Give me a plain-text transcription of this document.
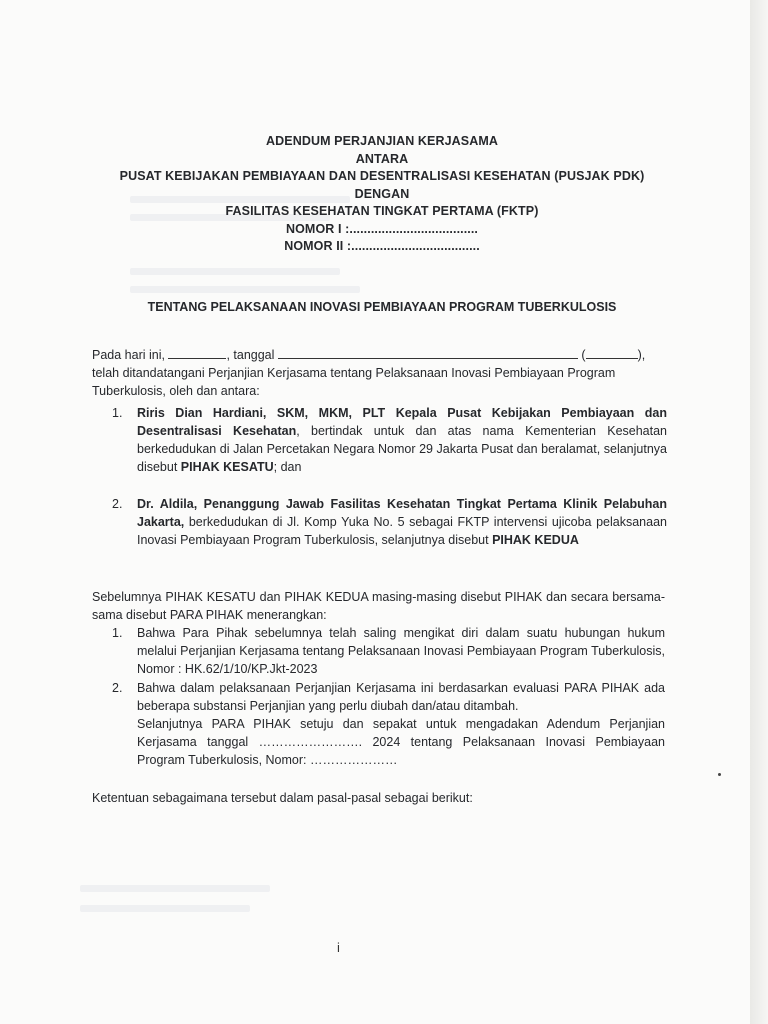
ADENDUM PERJANJIAN KERJASAMA
ANTARA
PUSAT KEBIJAKAN PEMBIAYAAN DAN DESENTRALISASI KESEHATAN (PUSJAK PDK)
DENGAN
FASILITAS KESEHATAN TINGKAT PERTAMA (FKTP)
NOMOR I :....................................
NOMOR II :....................................
TENTANG PELAKSANAAN INOVASI PEMBIAYAAN PROGRAM TUBERKULOSIS
Pada hari ini,	, tanggal	(	),
telah ditandatangani Perjanjian Kerjasama tentang Pelaksanaan Inovasi Pembiayaan Program
Tuberkulosis, oleh dan antara:
1. Riris Dian Hardiani, SKM, MKM, PLT Kepala Pusat Kebijakan Pembiayaan dan Desentralisasi Kesehatan, bertindak untuk dan atas nama Kementerian Kesehatan berkedudukan di Jalan Percetakan Negara Nomor 29 Jakarta Pusat dan beralamat, selanjutnya disebut PIHAK KESATU; dan
2. Dr. Aldila, Penanggung Jawab Fasilitas Kesehatan Tingkat Pertama Klinik Pelabuhan Jakarta, berkedudukan di Jl. Komp Yuka No. 5 sebagai FKTP intervensi ujicoba pelaksanaan Inovasi Pembiayaan Program Tuberkulosis, selanjutnya disebut PIHAK KEDUA
Sebelumnya PIHAK KESATU dan PIHAK KEDUA masing-masing disebut PIHAK dan secara bersama-sama disebut PARA PIHAK menerangkan:
1. Bahwa Para Pihak sebelumnya telah saling mengikat diri dalam suatu hubungan hukum melalui Perjanjian Kerjasama tentang Pelaksanaan Inovasi Pembiayaan Program Tuberkulosis, Nomor : HK.62/1/10/KP.Jkt-2023
2. Bahwa dalam pelaksanaan Perjanjian Kerjasama ini berdasarkan evaluasi PARA PIHAK ada beberapa substansi Perjanjian yang perlu diubah dan/atau ditambah.
Selanjutnya PARA PIHAK setuju dan sepakat untuk mengadakan Adendum Perjanjian Kerjasama tanggal ……………………. 2024 tentang Pelaksanaan Inovasi Pembiayaan Program Tuberkulosis, Nomor: …………………
Ketentuan sebagaimana tersebut dalam pasal-pasal sebagai berikut:
i
